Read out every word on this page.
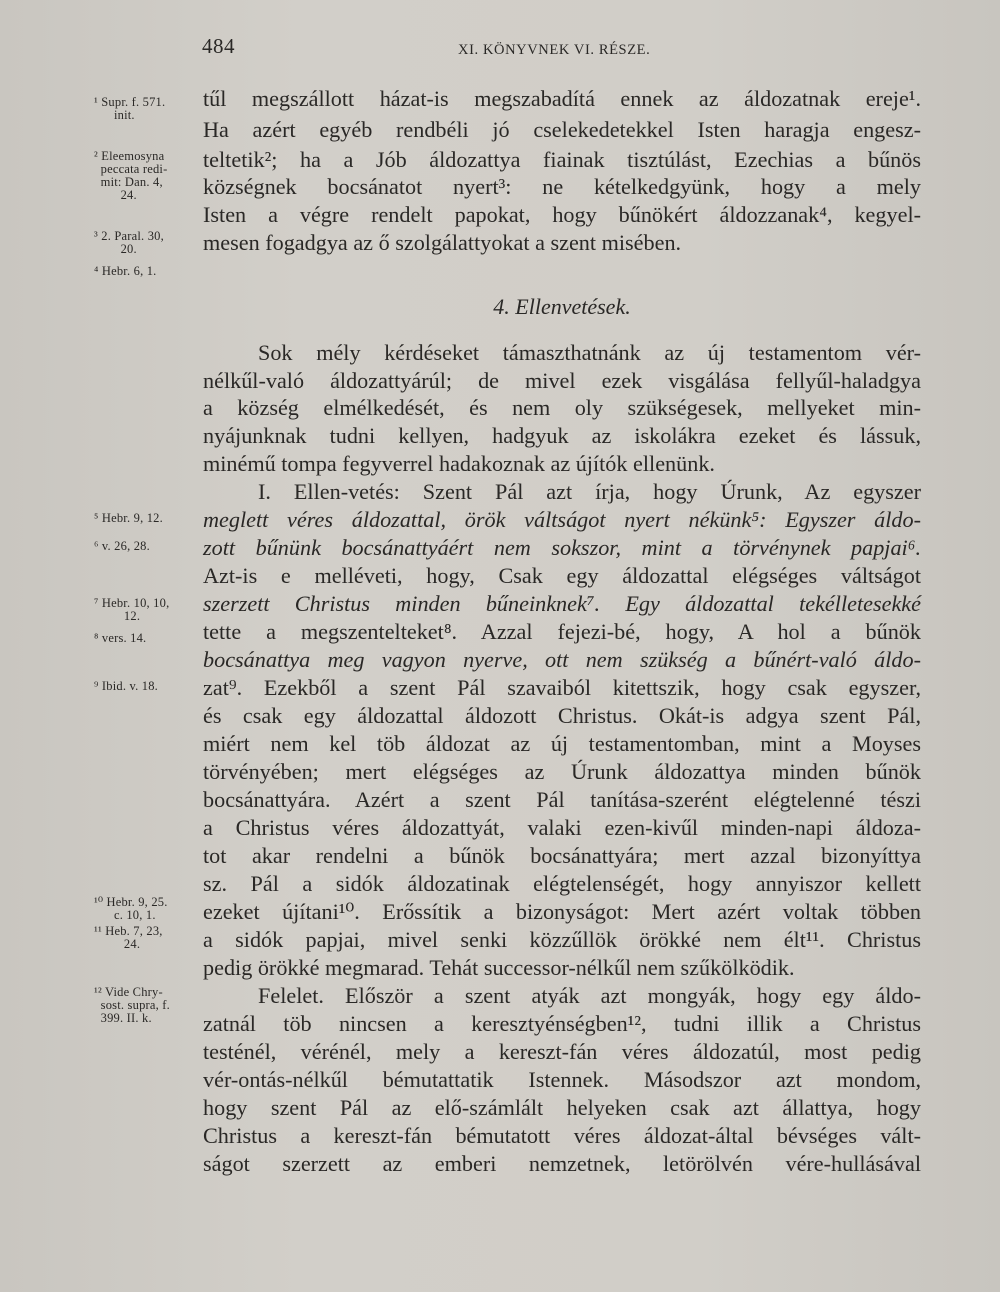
484	XI. KÖNYVNEK VI. RÉSZE.
tűl megszállott házat-is megszabadítá ennek az áldozatnak ereje¹.
Ha azért egyéb rendbéli jó cselekedetekkel Isten haragja engesz-
teltetik²; ha a Jób áldozattya fiainak tisztúlást, Ezechias a bűnös
községnek bocsánatot nyert³: ne kételkedgyünk, hogy a mely
Isten a végre rendelt papokat, hogy bűnökért áldozzanak⁴, kegyel-
mesen fogadgya az ő szolgálattyokat a szent misében.
4. Ellenvetések.
Sok mély kérdéseket támaszthatnánk az új testamentom vér-
nélkűl-való áldozattyárúl; de mivel ezek visgálása fellyűl-haladgya
a község elmélkedését, és nem oly szükségesek, mellyeket min-
nyájunknak tudni kellyen, hadgyuk az iskolákra ezeket és lássuk,
minémű tompa fegyverrel hadakoznak az újítók ellenünk.
I. Ellen-vetés: Szent Pál azt írja, hogy Úrunk, Az egyszer
meglett véres áldozattal, örök váltságot nyert nékünk⁵: Egyszer áldo-
zott bűnünk bocsánattyáért nem sokszor, mint a törvénynek papjai⁶.
Azt-is e melléveti, hogy, Csak egy áldozattal elégséges váltságot
szerzett Christus minden bűneinknek⁷. Egy áldozattal tekélletesekké
tette a megszentelteket⁸. Azzal fejezi-bé, hogy, A hol a bűnök
bocsánattya meg vagyon nyerve, ott nem szükség a bűnért-való áldo-
zat⁹. Ezekből a szent Pál szavaiból kitettszik, hogy csak egyszer,
és csak egy áldozattal áldozott Christus. Okát-is adgya szent Pál,
miért nem kel töb áldozat az új testamentomban, mint a Moyses
törvényében; mert elégséges az Úrunk áldozattya minden bűnök
bocsánattyára. Azért a szent Pál tanítása-szerént elégtelenné tészi
a Christus véres áldozattyát, valaki ezen-kivűl minden-napi áldoza-
tot akar rendelni a bűnök bocsánattyára; mert azzal bizonyíttya
sz. Pál a sidók áldozatinak elégtelenségét, hogy annyiszor kellett
ezeket újítani¹⁰. Erőssítik a bizonyságot: Mert azért voltak többen
a sidók papjai, mivel senki közzűllök örökké nem élt¹¹. Christus
pedig örökké megmarad. Tehát successor-nélkűl nem szűkölködik.
Felelet. Először a szent atyák azt mongyák, hogy egy áldo-
zatnál töb nincsen a keresztyénségben¹², tudni illik a Christus
testénél, vérénél, mely a kereszt-fán véres áldozatúl, most pedig
vér-ontás-nélkűl bémutattatik Istennek. Másodszor azt mondom,
hogy szent Pál az elő-számlált helyeken csak azt állattya, hogy
Christus a kereszt-fán bémutatott véres áldozat-által bévséges vált-
ságot szerzett az emberi nemzetnek, letörölvén vére-hullásával
¹ Supr. f. 571.
init.
² Eleemosyna
peccata redi-
mit: Dan. 4,
24.
³ 2. Paral. 30,
20.
⁴ Hebr. 6, 1.
⁵ Hebr. 9, 12.
⁶ v. 26, 28.
⁷ Hebr. 10, 10,
12.
⁸ vers. 14.
⁹ Ibid. v. 18.
¹⁰ Hebr. 9, 25.
c. 10, 1.
¹¹ Heb. 7, 23,
24.
¹² Vide Chry-
sost. supra, f.
399. II. k.
